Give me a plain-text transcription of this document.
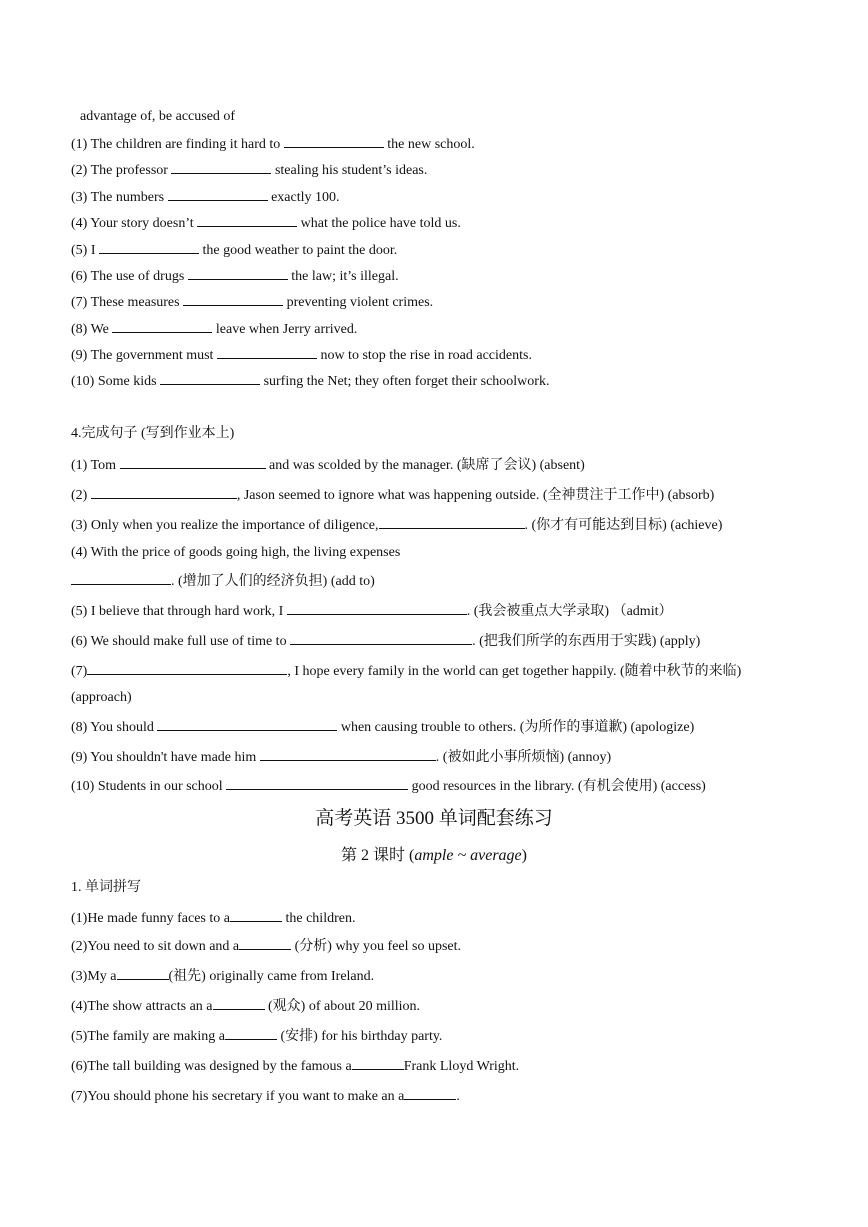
advantage of, be accused of
(1) The children are finding it hard to	the new school.
(2) The professor	stealing his student’s ideas.
(3) The numbers	exactly 100.
(4) Your story doesn’t	what the police have told us.
(5) I	the good weather to paint the door.
(6) The use of drugs	the law; it’s illegal.
(7) These measures	preventing violent crimes.
(8) We	leave when Jerry arrived.
(9) The government must	now to stop the rise in road accidents.
(10) Some kids	surfing the Net; they often forget their schoolwork.
4.完成句子 (写到作业本上)
(1) Tom	and was scolded by the manager. (缺席了会议) (absent)
(2)	, Jason seemed to ignore what was happening outside. (全神贯注于工作中) (absorb)
(3) Only when you realize the importance of diligence,	. (你才有可能达到目标) (achieve)
(4) With the price of goods going high, the living expenses
. (增加了人们的经济负担) (add to)
(5) I believe that through hard work, I	. (我会被重点大学录取) （admit）
(6) We should make full use of time to	. (把我们所学的东西用于实践) (apply)
(7)	, I hope every family in the world can get together happily. (随着中秋节的来临)
(approach)
(8) You should	when causing trouble to others. (为所作的事道歉) (apologize)
(9) You shouldn't have made him	. (被如此小事所烦恼) (annoy)
(10) Students in our school	good resources in the library. (有机会使用) (access)
高考英语 3500 单词配套练习
第 2 课时 (ample ~ average)
1. 单词拼写
(1)He made funny faces to a	the children.
(2)You need to sit down and a	(分析) why you feel so upset.
(3)My a	(祖先) originally came from Ireland.
(4)The show attracts an a	(观众) of about 20 million.
(5)The family are making a	(安排) for his birthday party.
(6)The tall building was designed by the famous a	Frank Lloyd Wright.
(7)You should phone his secretary if you want to make an a	.
